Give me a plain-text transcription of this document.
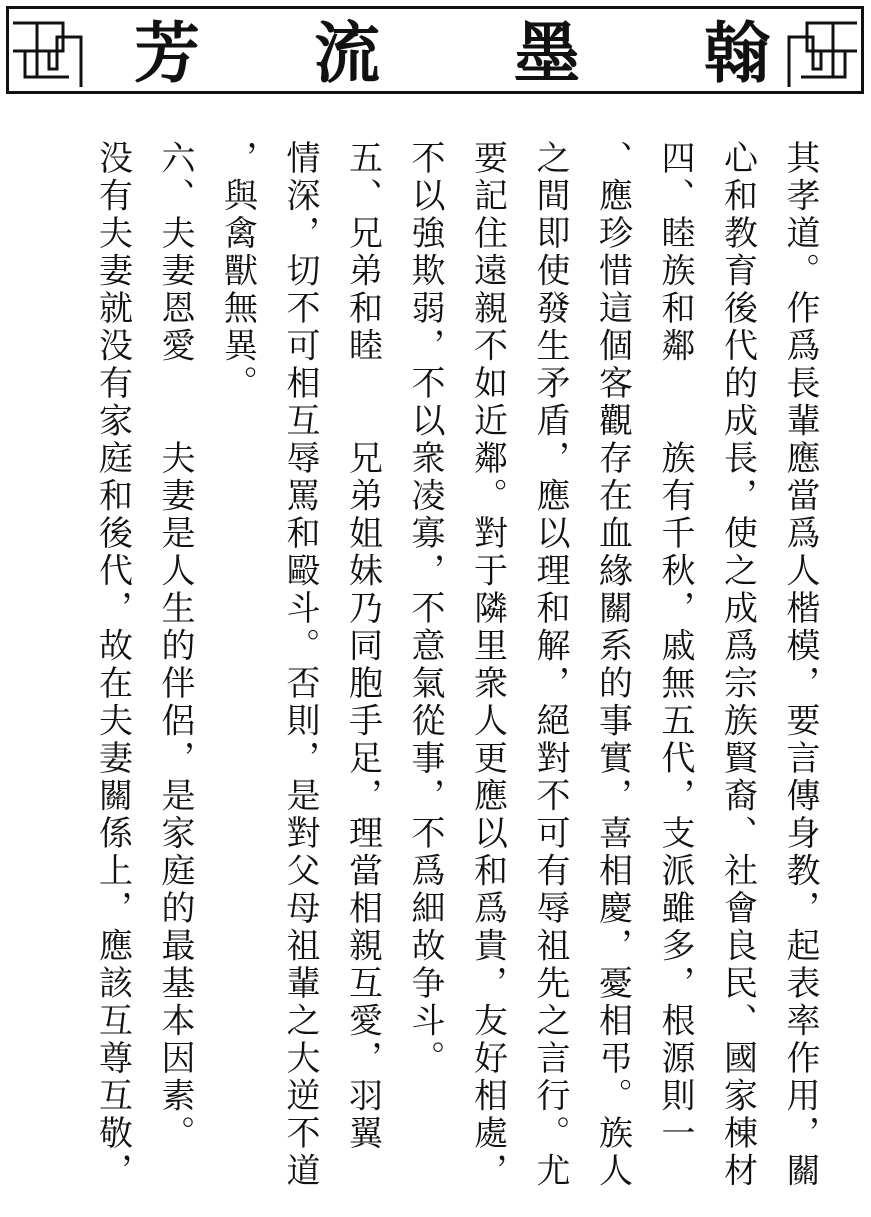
芳 流 墨 翰
其孝道。作爲長輩應當爲人楷模，要言傳身教，起表率作用，關
心和教育後代的成長，使之成爲宗族賢裔、社會良民、國家棟材
四、睦族和鄰　　族有千秋，戚無五代，支派雖多，根源則一
、應珍惜這個客觀存在血緣關系的事實，喜相慶，憂相弔。族人
之間即使發生矛盾，應以理和解，絕對不可有辱祖先之言行。尤
要記住遠親不如近鄰。對于隣里衆人更應以和爲貴，友好相處，
不以強欺弱，不以衆凌寡，不意氣從事，不爲細故争斗。
五、兄弟和睦　　兄弟姐妹乃同胞手足，理當相親互愛，羽翼
情深，切不可相互辱罵和毆斗。否則，是對父母祖輩之大逆不道
，與禽獸無異。
六、夫妻恩愛　　夫妻是人生的伴侶，是家庭的最基本因素。
没有夫妻就没有家庭和後代，故在夫妻關係上，應該互尊互敬，
